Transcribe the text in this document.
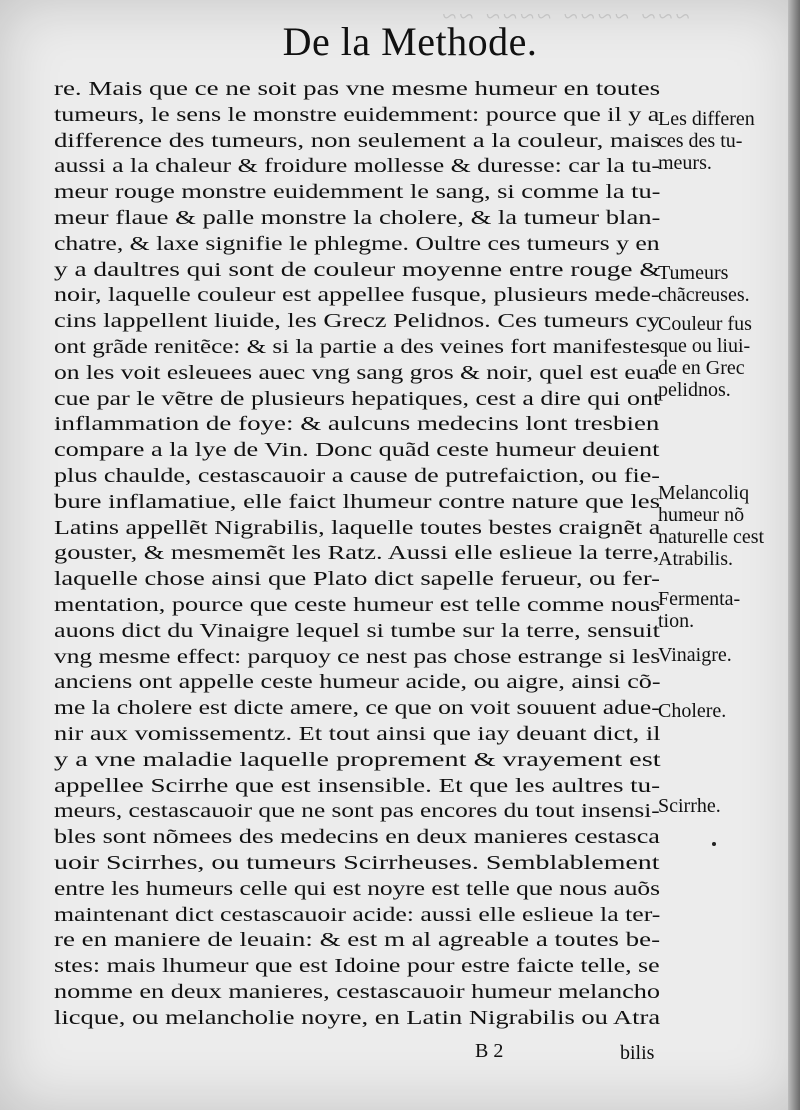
~~~ ~~~~ ~~~~ ~~
De la Methode.
re. Mais que ce ne soit pas vne mesme humeur en toutes
tumeurs, le sens le monstre euidemment: pource que il y a
difference des tumeurs, non seulement a la couleur, mais
aussi a la chaleur & froidure mollesse & duresse: car la tu-
meur rouge monstre euidemment le sang, si comme la tu-
meur flaue & palle monstre la cholere, & la tumeur blan-
chatre, & laxe signifie le phlegme. Oultre ces tumeurs y en
y a daultres qui sont de couleur moyenne entre rouge &
noir, laquelle couleur est appellee fusque, plusieurs mede-
cins lappellent liuide, les Grecz Pelidnos. Ces tumeurs cy
ont grãde renitẽce: & si la partie a des veines fort manifestes
on les voit esleuees auec vng sang gros & noir, quel est eua
cue par le vẽtre de plusieurs hepatiques, cest a dire qui ont
inflammation de foye: & aulcuns medecins lont tresbien
compare a la lye de Vin. Donc quãd ceste humeur deuient
plus chaulde, cestascauoir a cause de putrefaiction, ou fie-
bure inflamatiue, elle faict lhumeur contre nature que les
Latins appellẽt Nigrabilis, laquelle toutes bestes craignẽt a
gouster, & mesmemẽt les Ratz. Aussi elle eslieue la terre,
laquelle chose ainsi que Plato dict sapelle ferueur, ou fer-
mentation, pource que ceste humeur est telle comme nous
auons dict du Vinaigre lequel si tumbe sur la terre, sensuit
vng mesme effect: parquoy ce nest pas chose estrange si les
anciens ont appelle ceste humeur acide, ou aigre, ainsi cõ-
me la cholere est dicte amere, ce que on voit souuent adue-
nir aux vomissementz. Et tout ainsi que iay deuant dict, il
y a vne maladie laquelle proprement & vrayement est
appellee Scirrhe que est insensible. Et que les aultres tu-
meurs, cestascauoir que ne sont pas encores du tout insensi-
bles sont nõmees des medecins en deux manieres cestasca
uoir Scirrhes, ou tumeurs Scirrheuses. Semblablement
entre les humeurs celle qui est noyre est telle que nous auõs
maintenant dict cestascauoir acide: aussi elle eslieue la ter-
re en maniere de leuain: & est m al agreable a toutes be-
stes: mais lhumeur que est Idoine pour estre faicte telle, se
nomme en deux manieres, cestascauoir humeur melancho
licque, ou melancholie noyre, en Latin Nigrabilis ou Atra
Les differen
ces des tu-
meurs.
Tumeurs
chãcreuses.
Couleur fus
que ou liui-
de en Grec
pelidnos.
Melancoliq
humeur nõ
naturelle cest
Atrabilis.
Fermenta-
tion.
Vinaigre.
Cholere.
Scirrhe.
B 2	bilis
